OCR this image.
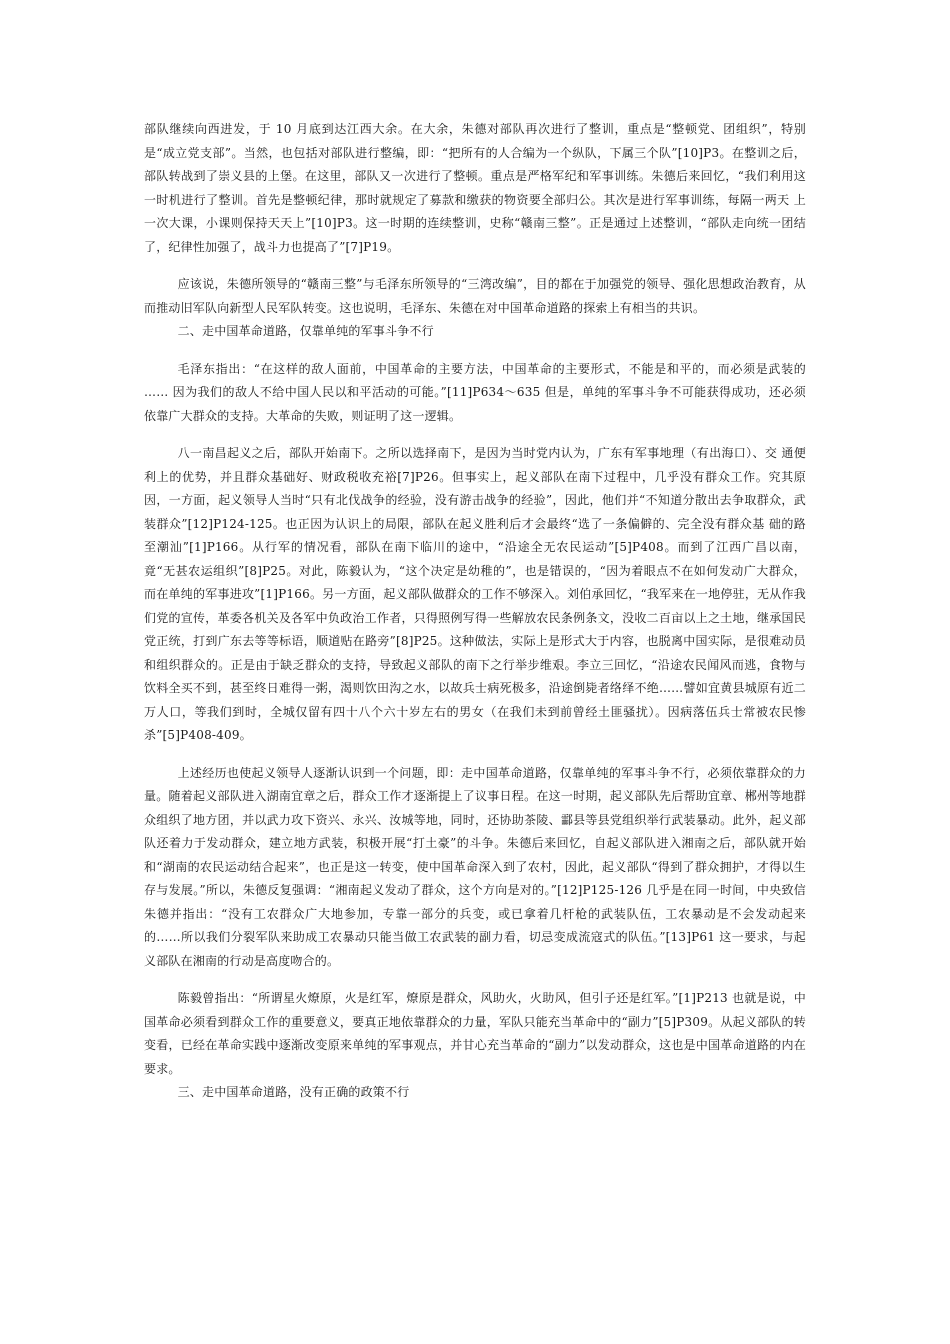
部队继续向西进发，于 10 月底到达江西大余。在大余，朱德对部队再次进行了整训，重点是“整顿党、团组织”，特别是“成立党支部”。当然，也包括对部队进行整编，即：“把所有的人合编为一个纵队，下属三个队”[10]P3。在整训之后，部队转战到了崇义县的上堡。在这里，部队又一次进行了整顿。重点是严格军纪和军事训练。朱德后来回忆，“我们利用这一时机进行了整训。首先是整顿纪律，那时就规定了募款和缴获的物资要全部归公。其次是进行军事训练，每隔一两天 上一次大课，小课则保持天天上”[10]P3。这一时期的连续整训，史称“赣南三整”。正是通过上述整训，“部队走向统一团结了，纪律性加强了，战斗力也提高了”[7]P19。

应该说，朱德所领导的“赣南三整”与毛泽东所领导的“三湾改编”，目的都在于加强党的领导、强化思想政治教育，从而推动旧军队向新型人民军队转变。这也说明，毛泽东、朱德在对中国革命道路的探索上有相当的共识。

二、走中国革命道路，仅靠单纯的军事斗争不行

毛泽东指出：“在这样的敌人面前，中国革命的主要方法，中国革命的主要形式，不能是和平的，而必须是武装的 …… 因为我们的敌人不给中国人民以和平活动的可能。”[11]P634～635 但是，单纯的军事斗争不可能获得成功，还必须依靠广大群众的支持。大革命的失败，则证明了这一逻辑。

八一南昌起义之后，部队开始南下。之所以选择南下，是因为当时党内认为，广东有军事地理（有出海口）、交 通便利上的优势，并且群众基础好、财政税收充裕[7]P26。但事实上，起义部队在南下过程中，几乎没有群众工作。究其原因，一方面，起义领导人当时“只有北伐战争的经验，没有游击战争的经验”，因此，他们并“不知道分散出去争取群众，武装群众”[12]P124-125。也正因为认识上的局限，部队在起义胜利后才会最终“选了一条偏僻的、完全没有群众基 础的路至潮汕”[1]P166。从行军的情况看，部队在南下临川的途中，“沿途全无农民运动”[5]P408。而到了江西广昌以南， 竟“无甚农运组织”[8]P25。对此，陈毅认为，“这个决定是幼稚的”，也是错误的，“因为着眼点不在如何发动广大群众， 而在单纯的军事进攻”[1]P166。另一方面，起义部队做群众的工作不够深入。刘伯承回忆，“我军来在一地停驻，无从作我们党的宣传，革委各机关及各军中负政治工作者，只得照例写得一些解放农民条例条文，没收二百亩以上之土地，继承国民党正统，打到广东去等等标语，顺道贴在路旁”[8]P25。这种做法，实际上是形式大于内容，也脱离中国实际，是很难动员和组织群众的。正是由于缺乏群众的支持，导致起义部队的南下之行举步维艰。李立三回忆，“沿途农民闻风而逃，食物与饮料全买不到，甚至终日难得一粥，渴则饮田沟之水，以故兵士病死极多，沿途倒毙者络绎不绝……譬如宜黄县城原有近二万人口，等我们到时，全城仅留有四十八个六十岁左右的男女（在我们未到前曾经土匪骚扰）。因病落伍兵士常被农民惨杀”[5]P408-409。

上述经历也使起义领导人逐渐认识到一个问题，即：走中国革命道路，仅靠单纯的军事斗争不行，必须依靠群众的力量。随着起义部队进入湖南宜章之后，群众工作才逐渐提上了议事日程。在这一时期，起义部队先后帮助宜章、郴州等地群众组织了地方团，并以武力攻下资兴、永兴、汝城等地，同时，还协助茶陵、酃县等县党组织举行武装暴动。此外，起义部队还着力于发动群众，建立地方武装，积极开展“打土豪”的斗争。朱德后来回忆，自起义部队进入湘南之后，部队就开始和“湖南的农民运动结合起来”，也正是这一转变，使中国革命深入到了农村，因此，起义部队“得到了群众拥护，才得以生存与发展。”所以，朱德反复强调：“湘南起义发动了群众，这个方向是对的。”[12]P125-126 几乎是在同一时间，中央致信朱德并指出：“没有工农群众广大地参加，专靠一部分的兵变，或已拿着几杆枪的武装队伍，工农暴动是不会发动起来的……所以我们分裂军队来助成工农暴动只能当做工农武装的副力看，切忌变成流寇式的队伍。”[13]P61 这一要求，与起义部队在湘南的行动是高度吻合的。

陈毅曾指出：“所谓星火燎原，火是红军，燎原是群众，风助火，火助风，但引子还是红军。”[1]P213 也就是说，中国革命必须看到群众工作的重要意义，要真正地依靠群众的力量，军队只能充当革命中的“副力”[5]P309。从起义部队的转变看，已经在革命实践中逐渐改变原来单纯的军事观点，并甘心充当革命的“副力”以发动群众，这也是中国革命道路的内在要求。

三、走中国革命道路，没有正确的政策不行
